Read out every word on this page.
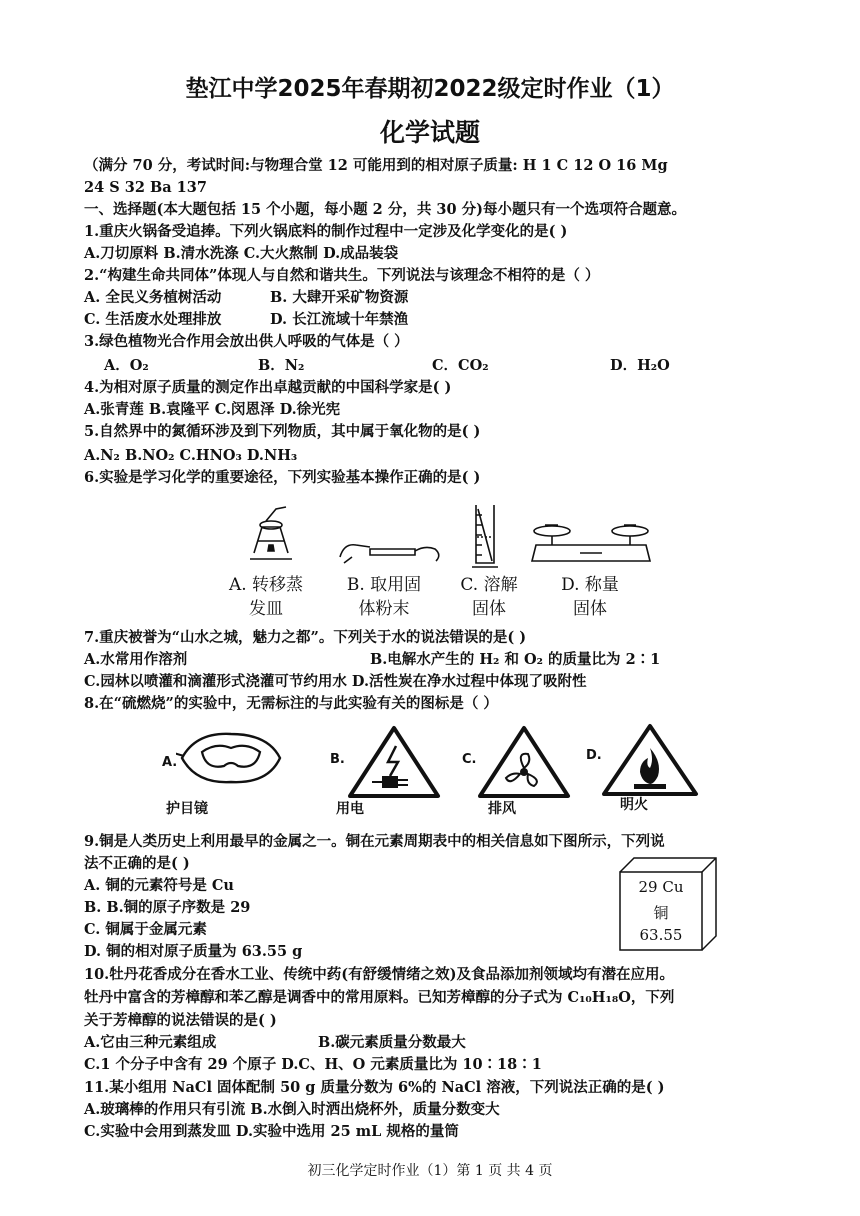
垫江中学2025年春期初2022级定时作业（1）
化学试题
（满分 70 分，考试时间:与物理合堂 12 可能用到的相对原子质量: H 1 C 12 O 16 Mg
24 S 32 Ba 137
一、选择题(本大题包括 15 个小题，每小题 2 分，共 30 分)每小题只有一个选项符合题意。
1.重庆火锅备受追捧。下列火锅底料的制作过程中一定涉及化学变化的是( )
A.刀切原料 B.清水洗涤 C.大火熬制 D.成品装袋
2.“构建生命共同体”体现人与自然和谐共生。下列说法与该理念不相符的是（ ）
A. 全民义务植树活动	B. 大肆开采矿物资源
C. 生活废水处理排放	D. 长江流域十年禁渔
3.绿色植物光合作用会放出供人呼吸的气体是（ ）
A．O₂	B．N₂	C．CO₂	D．H₂O
4.为相对原子质量的测定作出卓越贡献的中国科学家是( )
A.张青莲 B.袁隆平 C.闵恩泽 D.徐光宪
5.自然界中的氮循环涉及到下列物质，其中属于氧化物的是( )
A.N₂ B.NO₂ C.HNO₃ D.NH₃
6.实验是学习化学的重要途径，下列实验基本操作正确的是( )
A. 转移蒸
发皿
B. 取用固
体粉末
C. 溶解
固体
D. 称量
固体
7.重庆被誉为“山水之城，魅力之都”。下列关于水的说法错误的是( )
A.水常用作溶剂	B.电解水产生的 H₂ 和 O₂ 的质量比为 2∶1
C.园林以喷灌和滴灌形式浇灌可节约用水 D.活性炭在净水过程中体现了吸附性
8.在“硫燃烧”的实验中，无需标注的与此实验有关的图标是（ ）
A.
护目镜
B.
用电
C.
排风
D.
明火
9.铜是人类历史上利用最早的金属之一。铜在元素周期表中的相关信息如下图所示，下列说
法不正确的是( )
A. 铜的元素符号是 Cu
B. B.铜的原子序数是 29
C. 铜属于金属元素
D. 铜的相对原子质量为 63.55 g
29 Cu
铜
63.55
10.牡丹花香成分在香水工业、传统中药(有舒缓情绪之效)及食品添加剂领域均有潜在应用。
牡丹中富含的芳樟醇和苯乙醇是调香中的常用原料。已知芳樟醇的分子式为 C₁₀H₁₈O，下列
关于芳樟醇的说法错误的是( )
A.它由三种元素组成	B.碳元素质量分数最大
C.1 个分子中含有 29 个原子 D.C、H、O 元素质量比为 10∶18∶1
11.某小组用 NaCl 固体配制 50 g 质量分数为 6%的 NaCl 溶液，下列说法正确的是( )
A.玻璃棒的作用只有引流 B.水倒入时洒出烧杯外，质量分数变大
C.实验中会用到蒸发皿 D.实验中选用 25 mL 规格的量筒
初三化学定时作业（1）第 1 页 共 4 页
